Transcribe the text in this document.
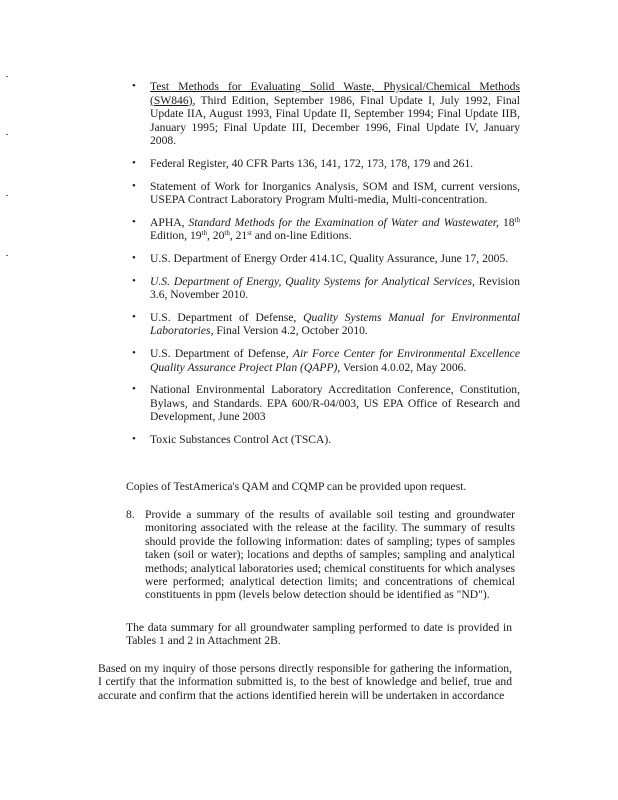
• Test Methods for Evaluating Solid Waste, Physical/Chemical Methods (SW846), Third Edition, September 1986, Final Update I, July 1992, Final Update IIA, August 1993, Final Update II, September 1994; Final Update IIB, January 1995; Final Update III, December 1996, Final Update IV, January 2008.
• Federal Register, 40 CFR Parts 136, 141, 172, 173, 178, 179 and 261.
• Statement of Work for Inorganics Analysis, SOM and ISM, current versions, USEPA Contract Laboratory Program Multi-media, Multi-concentration.
• APHA, Standard Methods for the Examination of Water and Wastewater, 18th Edition, 19th, 20th, 21st and on-line Editions.
• U.S. Department of Energy Order 414.1C, Quality Assurance, June 17, 2005.
• U.S. Department of Energy, Quality Systems for Analytical Services, Revision 3.6, November 2010.
• U.S. Department of Defense, Quality Systems Manual for Environmental Laboratories, Final Version 4.2, October 2010.
• U.S. Department of Defense, Air Force Center for Environmental Excellence Quality Assurance Project Plan (QAPP), Version 4.0.02, May 2006.
• National Environmental Laboratory Accreditation Conference, Constitution, Bylaws, and Standards. EPA 600/R-04/003, US EPA Office of Research and Development, June 2003
• Toxic Substances Control Act (TSCA).
Copies of TestAmerica's QAM and CQMP can be provided upon request.
8. Provide a summary of the results of available soil testing and groundwater monitoring associated with the release at the facility. The summary of results should provide the following information: dates of sampling; types of samples taken (soil or water); locations and depths of samples; sampling and analytical methods; analytical laboratories used; chemical constituents for which analyses were performed; analytical detection limits; and concentrations of chemical constituents in ppm (levels below detection should be identified as "ND").
The data summary for all groundwater sampling performed to date is provided in Tables 1 and 2 in Attachment 2B.
Based on my inquiry of those persons directly responsible for gathering the information, I certify that the information submitted is, to the best of knowledge and belief, true and accurate and confirm that the actions identified herein will be undertaken in accordance
